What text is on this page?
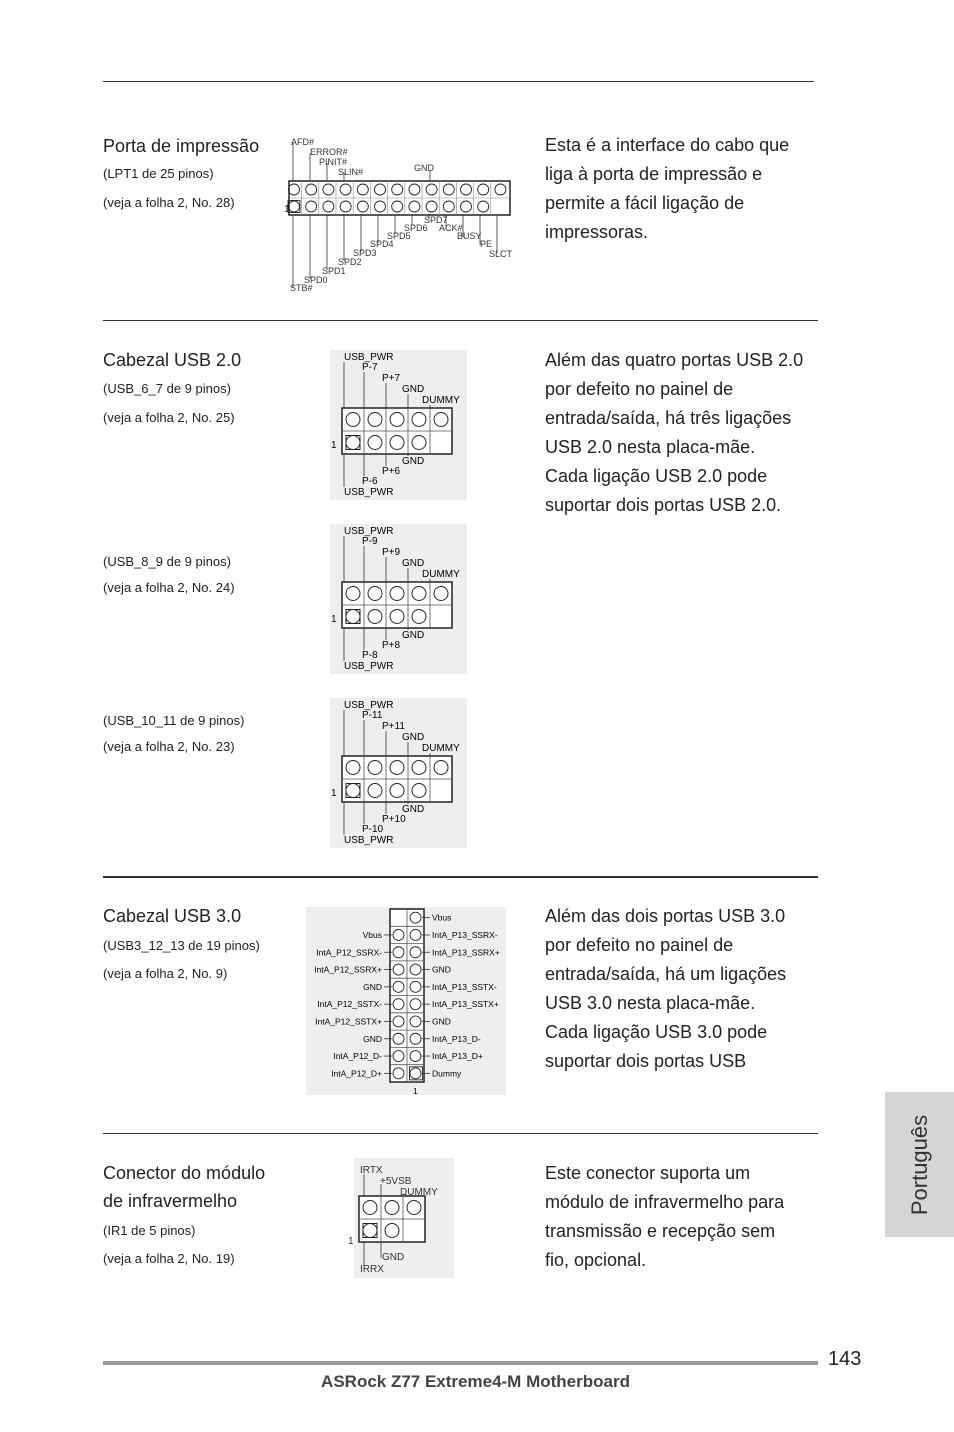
Porta de impressão
(LPT1 de 25 pinos)
(veja a folha 2, No. 28)
AFD#
ERROR#
PINIT#
SLIN#	GND
SPD7
SPD6 ACK#
SPD5	BUSY
SPD4	PE
SPD3	SLCT
SPD2
SPD1
SPD0
STB#
1
Esta é a interface do cabo que
liga à porta de impressão e
permite a fácil ligação de
impressoras.
Cabezal USB 2.0
(USB_6_7 de 9 pinos)
(veja a folha 2, No. 25)
(USB_8_9 de 9 pinos)
(veja a folha 2, No. 24)
(USB_10_11 de 9 pinos)
(veja a folha 2, No. 23)
USB_PWR
P-7
P+7
GND
DUMMY
GND
P+6
P-6
USB_PWR
1
USB_PWR
P-9
P+9
GND
DUMMY
GND
P+8
P-8
USB_PWR
1
USB_PWR
P-11
P+11
GND
DUMMY
GND
P+10
P-10
USB_PWR
1
Além das quatro portas USB 2.0
por defeito no painel de
entrada/saída, há três ligações
USB 2.0 nesta placa-mãe.
Cada ligação USB 2.0 pode
suportar dois portas USB 2.0.
Cabezal USB 3.0
(USB3_12_13 de 19 pinos)
(veja a folha 2, No. 9)
Vbus
Vbus	IntA_P13_SSRX-
IntA_P12_SSRX-	IntA_P13_SSRX+
IntA_P12_SSRX+	GND
GND	IntA_P13_SSTX-
IntA_P12_SSTX-	IntA_P13_SSTX+
IntA_P12_SSTX+	GND
GND	IntA_P13_D-
IntA_P12_D-	IntA_P13_D+
IntA_P12_D+	Dummy
1
Além das dois portas USB 3.0
por defeito no painel de
entrada/saída, há um ligações
USB 3.0 nesta placa-mãe.
Cada ligação USB 3.0 pode
suportar dois portas USB
Conector do módulo
de infravermelho
(IR1 de 5 pinos)
(veja a folha 2, No. 19)
IRTX
+5VSB
DUMMY
GND
IRRX
1
Este conector suporta um
módulo de infravermelho para
transmissão e recepção sem
fio, opcional.
Português
143
ASRock Z77 Extreme4-M Motherboard
